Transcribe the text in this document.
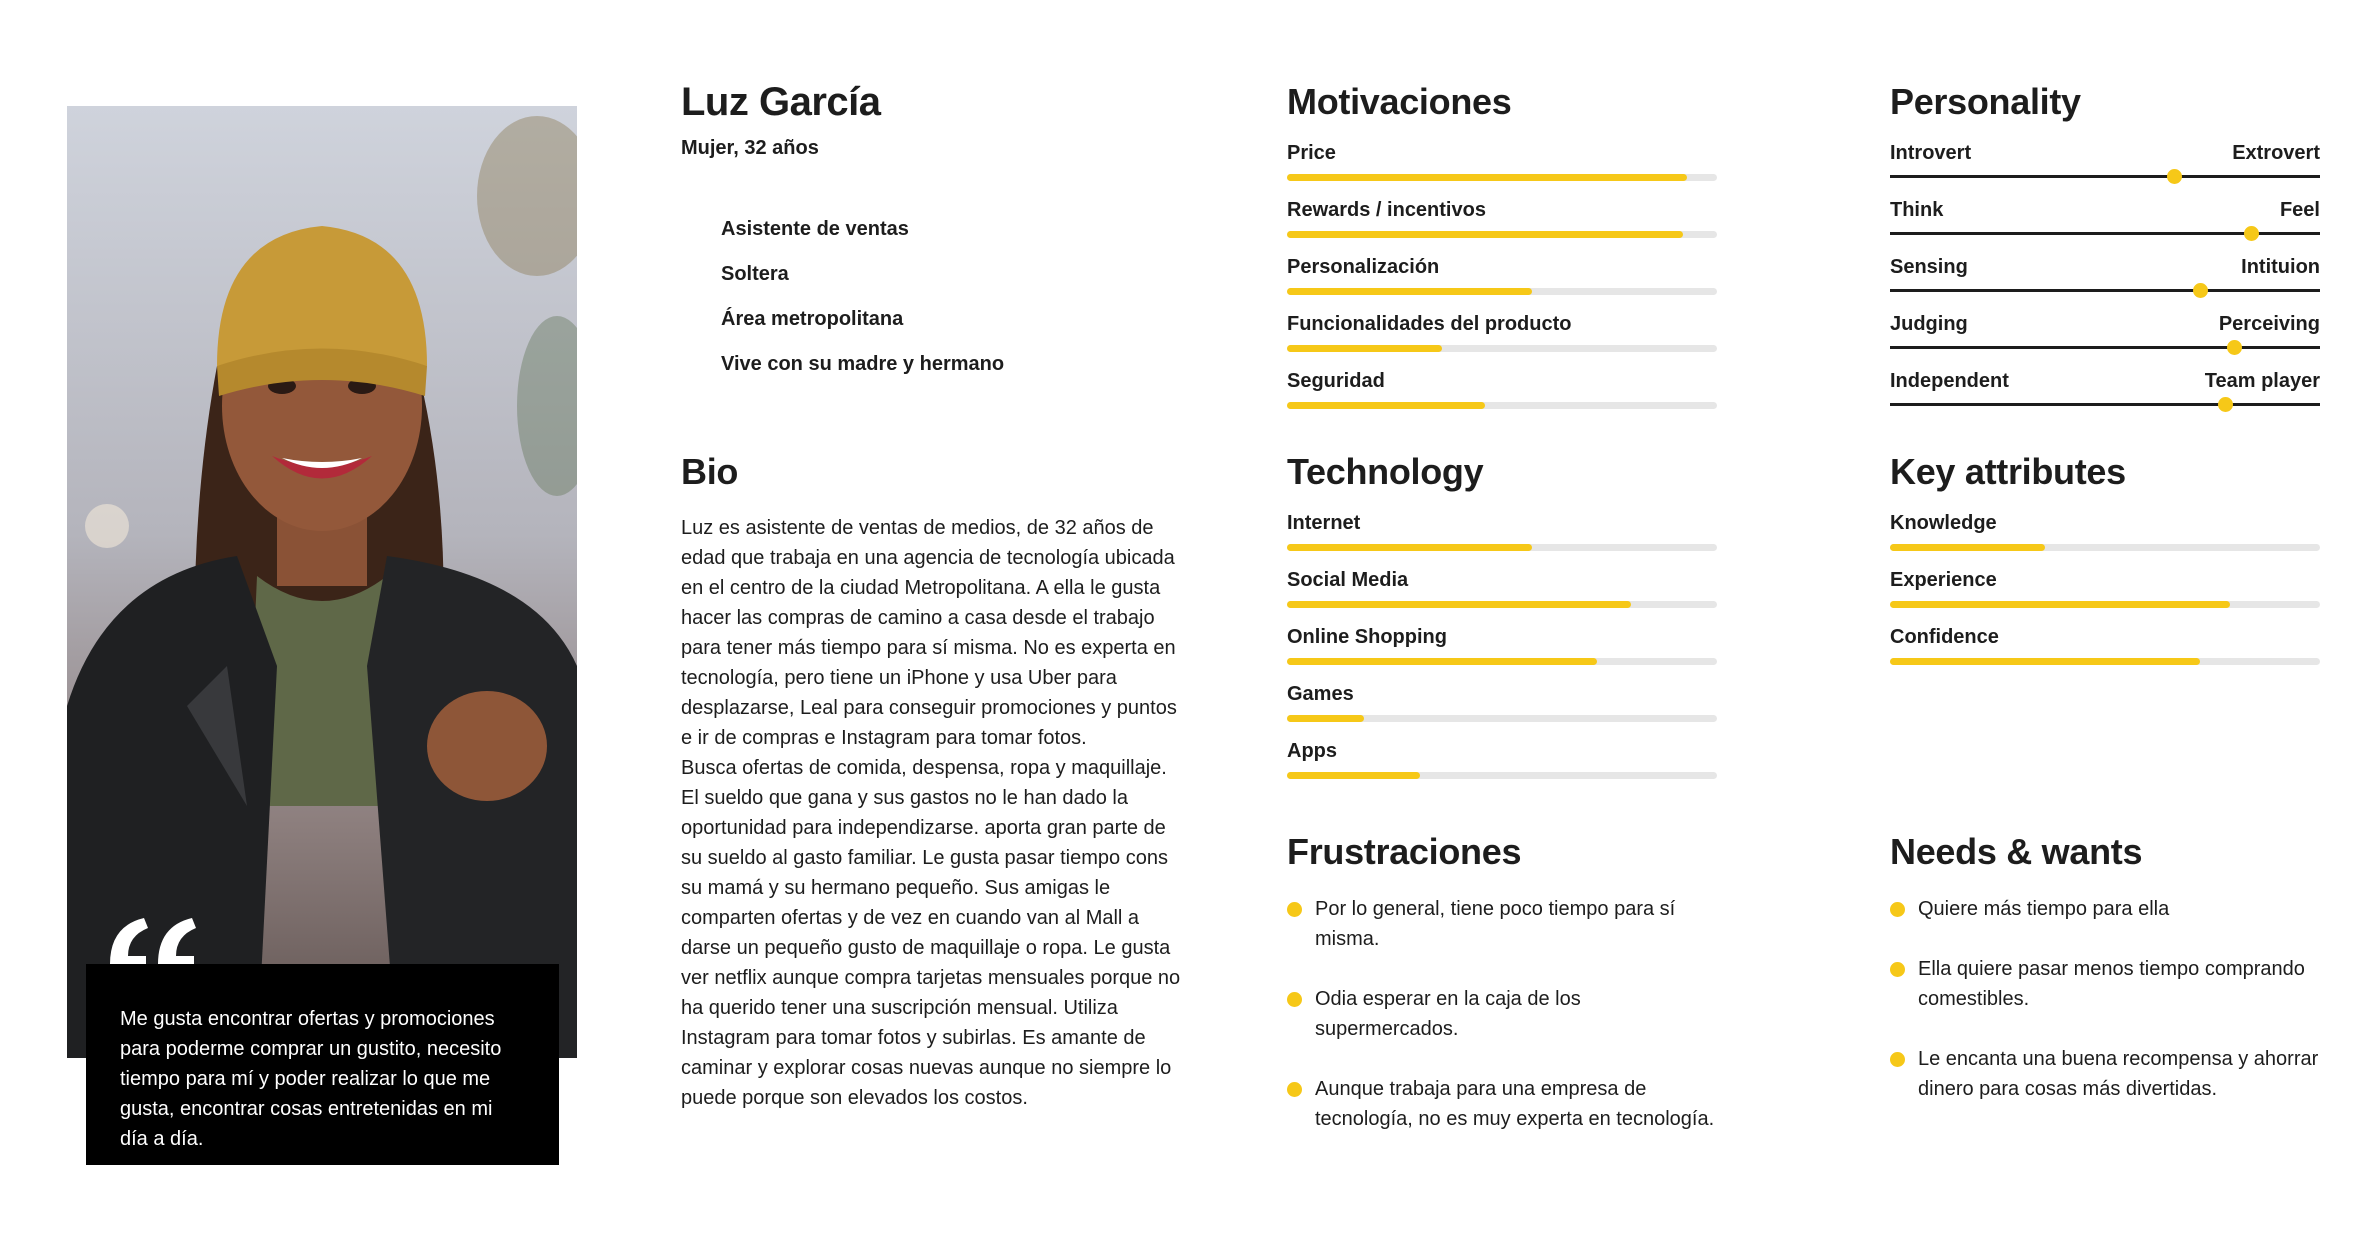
Me gusta encontrar ofertas y promociones para poderme comprar un gustito, necesito tiempo para mí y poder realizar lo que me gusta, encontrar cosas entretenidas en mi día a día.

Luz García
Mujer, 32 años
Asistente de ventas
Soltera
Área metropolitana
Vive con su madre y hermano
Bio

Luz es asistente de ventas de medios, de 32 años de edad que trabaja en una agencia de tecnología ubicada en el centro de la ciudad Metropolitana. A ella le gusta hacer las compras de camino a casa desde el trabajo para tener más tiempo para sí misma. No es experta en tecnología, pero tiene un iPhone y usa Uber para desplazarse, Leal para conseguir promociones y puntos e ir de compras e Instagram para tomar fotos.

Busca ofertas de comida, despensa, ropa y maquillaje.

El sueldo que gana y sus gastos no le han dado la oportunidad para independizarse. aporta gran parte de su sueldo al gasto familiar. Le gusta pasar tiempo cons su mamá y su hermano pequeño. Sus amigas le comparten ofertas y de vez en cuando van al Mall a darse un pequeño gusto de maquillaje o ropa. Le gusta ver netflix aunque compra tarjetas mensuales porque no ha querido tener una suscripción mensual. Utiliza Instagram para tomar fotos y subirlas. Es amante de caminar y explorar cosas nuevas aunque no siempre lo puede porque son elevados los costos.

Motivaciones
Price
Rewards / incentivos
Personalización
Funcionalidades del producto
Seguridad
Technology
Internet
Social Media
Online Shopping
Games
Apps
Frustraciones
Por lo general, tiene poco tiempo para sí misma.
Odia esperar en la caja de los supermercados.
Aunque trabaja para una empresa de tecnología, no es muy experta en tecnología.
Personality
Introvert	Extrovert
Think	Feel
Sensing	Intituion
Judging	Perceiving
Independent	Team player
Key attributes
Knowledge
Experience
Confidence
Needs & wants
Quiere más tiempo para ella
Ella quiere pasar menos tiempo comprando comestibles.
Le encanta una buena recompensa y ahorrar dinero para cosas más divertidas.
